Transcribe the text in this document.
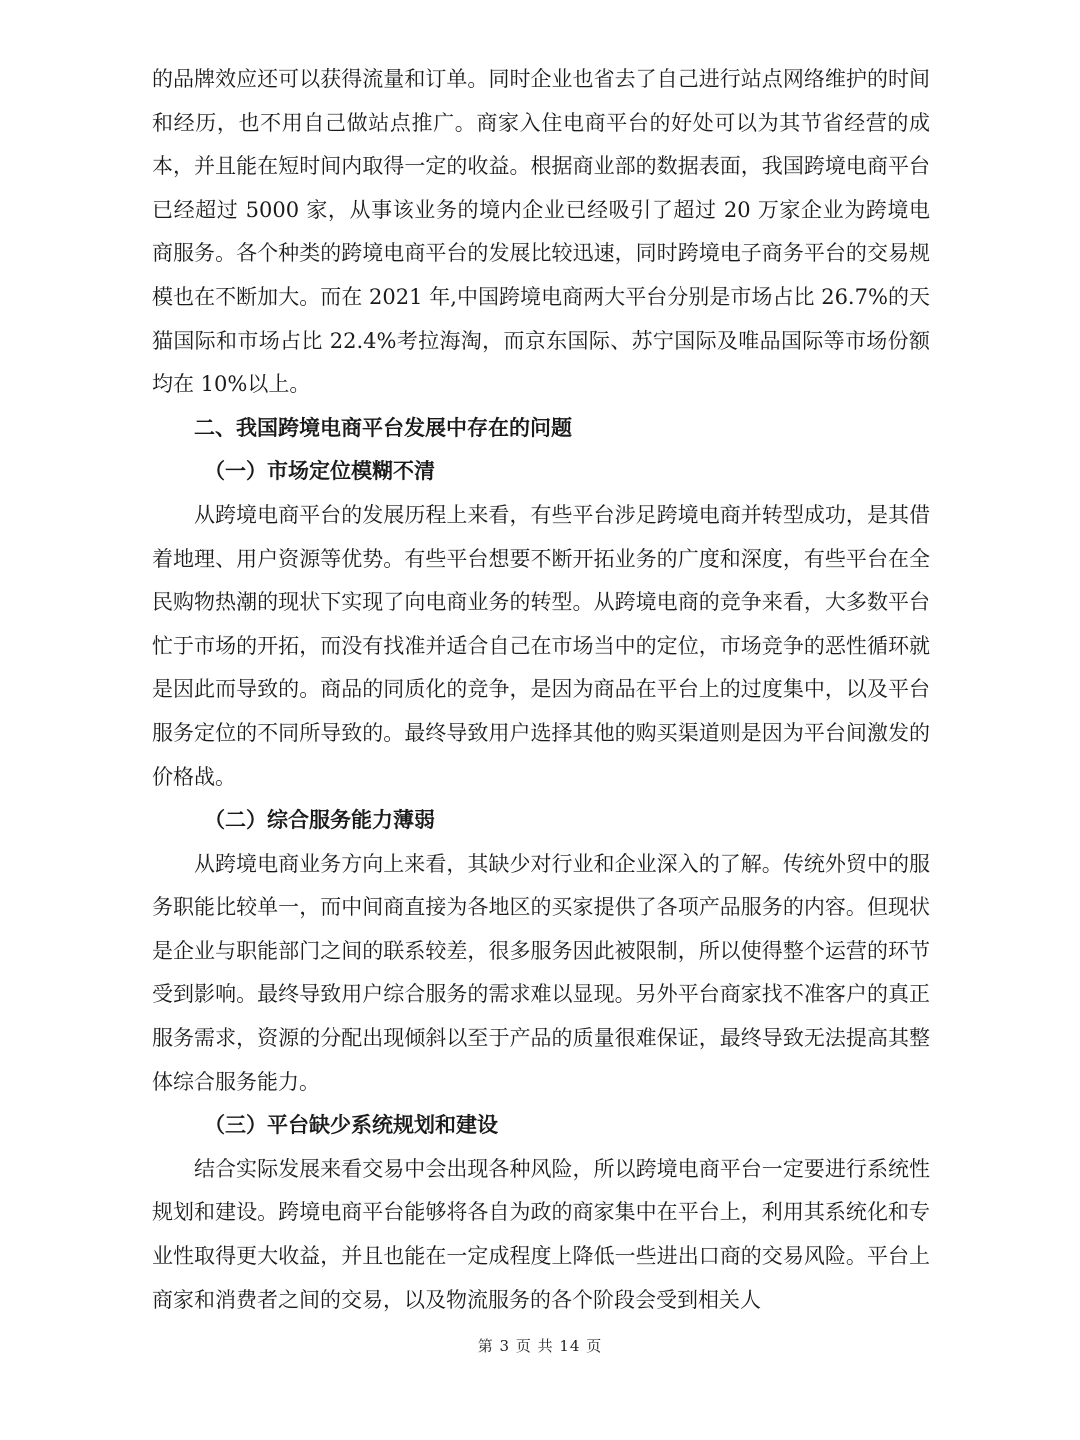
的品牌效应还可以获得流量和订单。同时企业也省去了自己进行站点网络维护的时间和经历，也不用自己做站点推广。商家入住电商平台的好处可以为其节省经营的成本，并且能在短时间内取得一定的收益。根据商业部的数据表面，我国跨境电商平台已经超过 5000 家，从事该业务的境内企业已经吸引了超过 20 万家企业为跨境电商服务。各个种类的跨境电商平台的发展比较迅速，同时跨境电子商务平台的交易规模也在不断加大。而在 2021 年,中国跨境电商两大平台分别是市场占比 26.7%的天猫国际和市场占比 22.4%考拉海淘，而京东国际、苏宁国际及唯品国际等市场份额均在 10%以上。

二、我国跨境电商平台发展中存在的问题

（一）市场定位模糊不清

从跨境电商平台的发展历程上来看，有些平台涉足跨境电商并转型成功，是其借着地理、用户资源等优势。有些平台想要不断开拓业务的广度和深度，有些平台在全民购物热潮的现状下实现了向电商业务的转型。从跨境电商的竞争来看，大多数平台忙于市场的开拓，而没有找准并适合自己在市场当中的定位，市场竞争的恶性循环就是因此而导致的。商品的同质化的竞争，是因为商品在平台上的过度集中，以及平台服务定位的不同所导致的。最终导致用户选择其他的购买渠道则是因为平台间激发的价格战。

（二）综合服务能力薄弱

从跨境电商业务方向上来看，其缺少对行业和企业深入的了解。传统外贸中的服务职能比较单一，而中间商直接为各地区的买家提供了各项产品服务的内容。但现状是企业与职能部门之间的联系较差，很多服务因此被限制，所以使得整个运营的环节受到影响。最终导致用户综合服务的需求难以显现。另外平台商家找不准客户的真正服务需求，资源的分配出现倾斜以至于产品的质量很难保证，最终导致无法提高其整体综合服务能力。

（三）平台缺少系统规划和建设

结合实际发展来看交易中会出现各种风险，所以跨境电商平台一定要进行系统性规划和建设。跨境电商平台能够将各自为政的商家集中在平台上，利用其系统化和专业性取得更大收益，并且也能在一定成程度上降低一些进出口商的交易风险。平台上商家和消费者之间的交易，以及物流服务的各个阶段会受到相关人

第 3 页 共 14 页
